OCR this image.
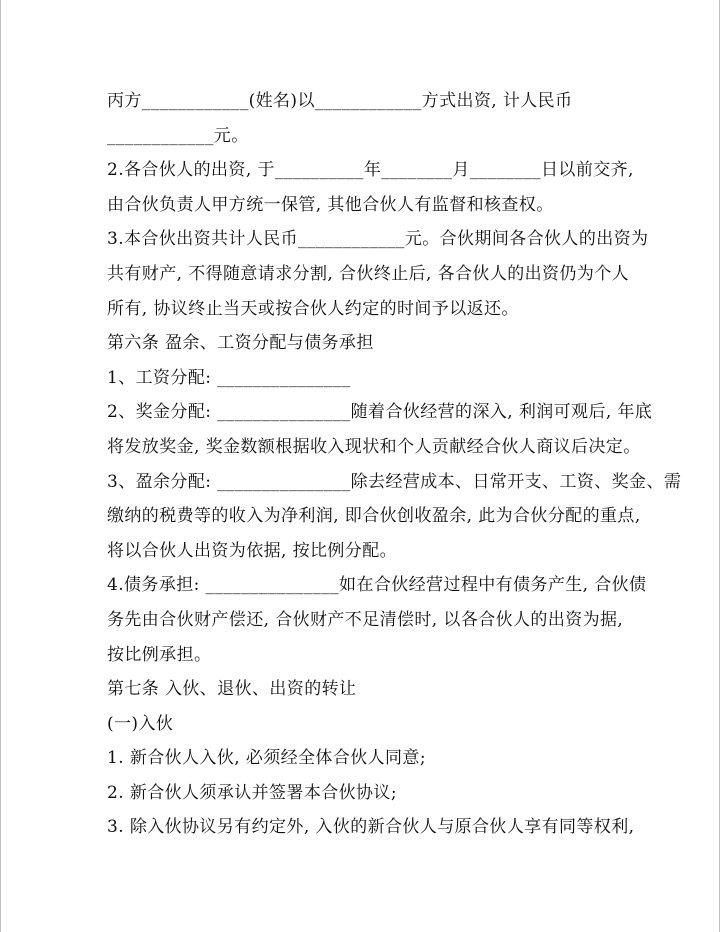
丙方____________(姓名)以____________方式出资, 计人民币
____________元。
2.各合伙人的出资, 于__________年________月________日以前交齐,
由合伙负责人甲方统一保管, 其他合伙人有监督和核查权。
3.本合伙出资共计人民币____________元。合伙期间各合伙人的出资为
共有财产, 不得随意请求分割, 合伙终止后, 各合伙人的出资仍为个人
所有, 协议终止当天或按合伙人约定的时间予以返还。
第六条 盈余、工资分配与债务承担
1、工资分配: _______________
2、奖金分配: _______________随着合伙经营的深入, 利润可观后, 年底
将发放奖金, 奖金数额根据收入现状和个人贡献经合伙人商议后决定。
3、盈余分配: _______________除去经营成本、日常开支、工资、奖金、需
缴纳的税费等的收入为净利润, 即合伙创收盈余, 此为合伙分配的重点,
将以合伙人出资为依据, 按比例分配。
4.债务承担: _______________如在合伙经营过程中有债务产生, 合伙债
务先由合伙财产偿还, 合伙财产不足清偿时, 以各合伙人的出资为据,
按比例承担。
第七条 入伙、退伙、出资的转让
(一)入伙
1. 新合伙人入伙, 必须经全体合伙人同意;
2. 新合伙人须承认并签署本合伙协议;
3. 除入伙协议另有约定外, 入伙的新合伙人与原合伙人享有同等权利,
